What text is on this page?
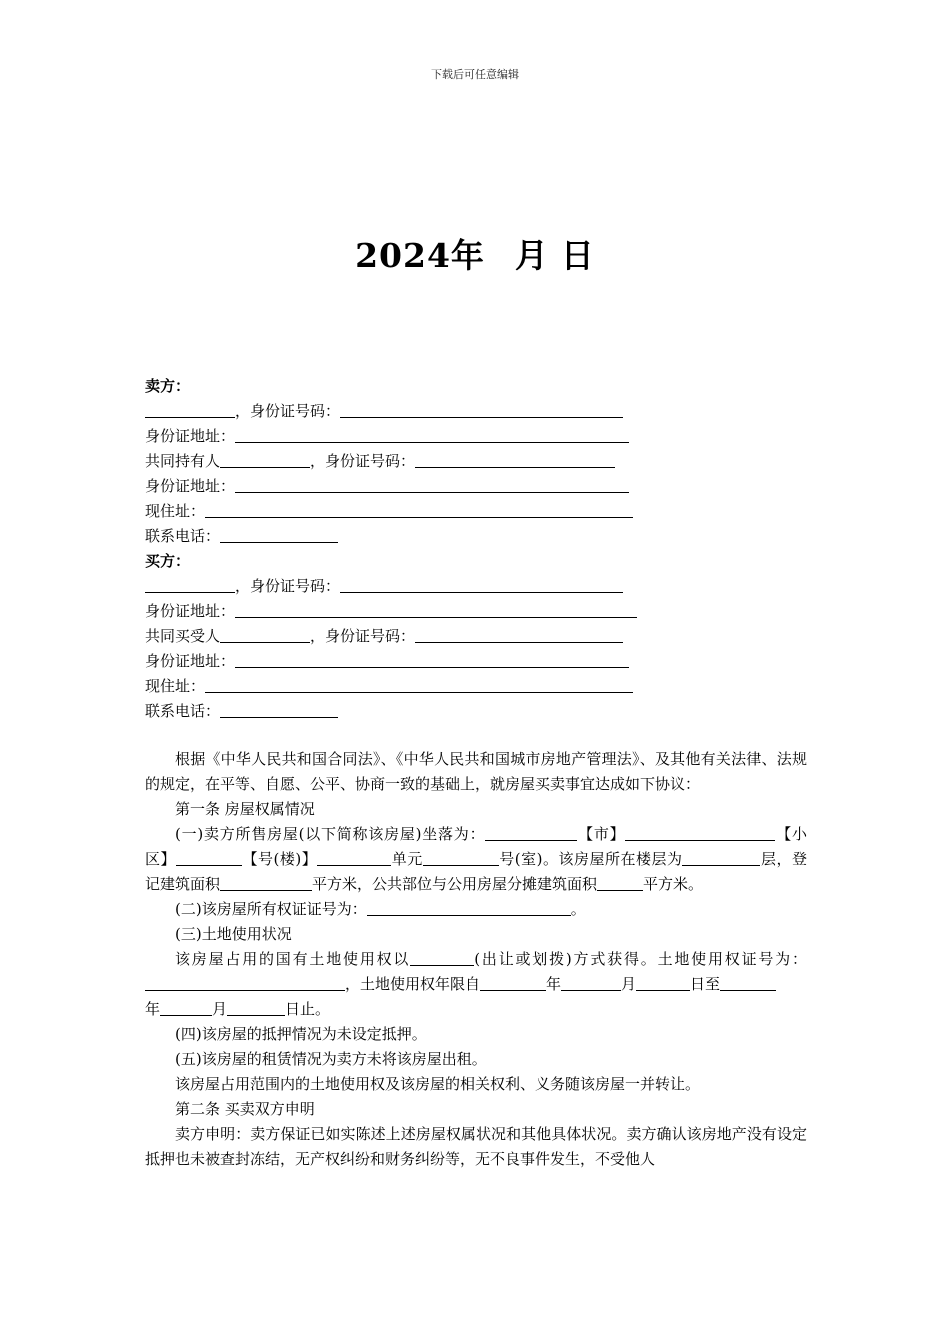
下载后可任意编辑
2024年 月 日
卖方：
，身份证号码：
身份证地址：
共同持有人	，身份证号码：
身份证地址：
现住址：
联系电话：
买方：
，身份证号码：
身份证地址：
共同买受人	，身份证号码：
身份证地址：
现住址：
联系电话：

根据《中华人民共和国合同法》、《中华人民共和国城市房地产管理法》、及其他有关法律、法规的规定，在平等、自愿、公平、协商一致的基础上，就房屋买卖事宜达成如下协议：

第一条 房屋权属情况

(一)卖方所售房屋(以下简称该房屋)坐落为：	【市】	【小区】	【号(楼)】	单元	号(室)。该房屋所在楼层为	层，登记建筑面积	平方米，公共部位与公用房屋分摊建筑面积	平方米。

(二)该房屋所有权证证号为：	。

(三)土地使用状况

该房屋占用的国有土地使用权以	(出让或划拨)方式获得。土地使用权证号为：，土地使用权年限自	年	月	日至
年	月	日止。

(四)该房屋的抵押情况为未设定抵押。

(五)该房屋的租赁情况为卖方未将该房屋出租。

该房屋占用范围内的土地使用权及该房屋的相关权利、义务随该房屋一并转让。

第二条 买卖双方申明

卖方申明：卖方保证已如实陈述上述房屋权属状况和其他具体状况。卖方确认该房地产没有设定抵押也未被查封冻结，无产权纠纷和财务纠纷等，无不良事件发生，不受他人
